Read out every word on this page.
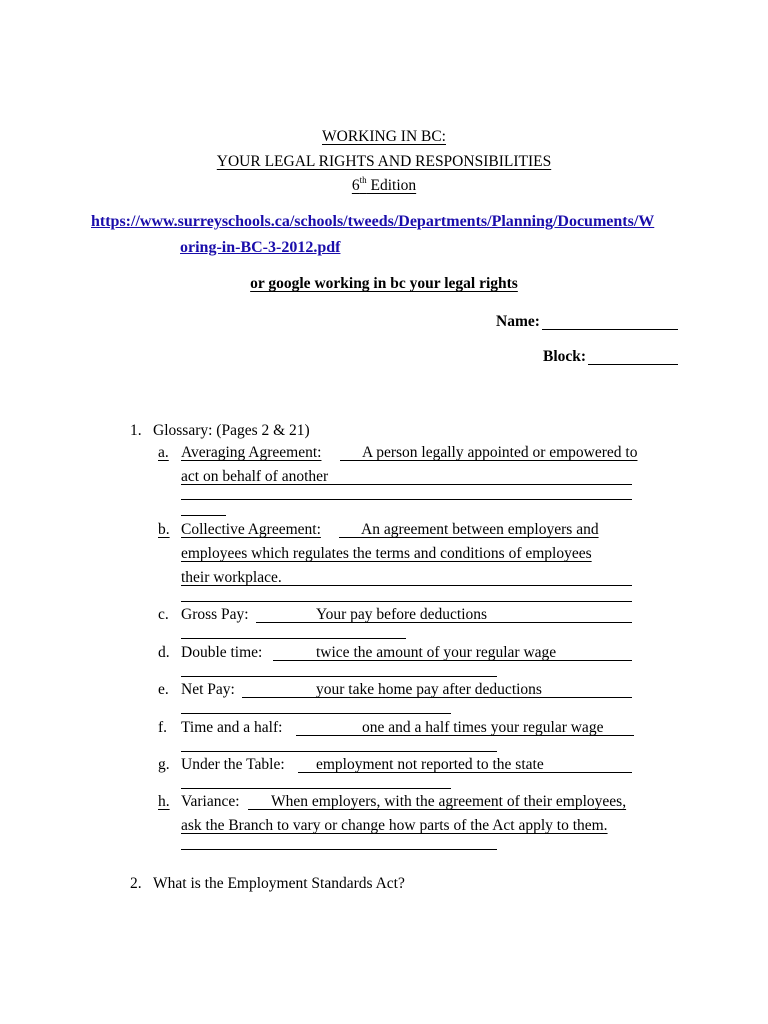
WORKING IN BC:
YOUR LEGAL RIGHTS AND RESPONSIBILITIES
6th Edition
https://www.surreyschools.ca/schools/tweeds/Departments/Planning/Documents/W
oring-in-BC-3-2012.pdf
or google working in bc your legal rights
Name:
Block:
1. Glossary: (Pages 2 & 21)
a. Averaging Agreement:	A person legally appointed or empowered to
act on behalf of another
b. Collective Agreement:	An agreement between employers and
employees which regulates the terms and conditions of employees
their workplace.
c. Gross Pay:	Your pay before deductions
d. Double time:	twice the amount of your regular wage
e. Net Pay:	your take home pay after deductions
f. Time and a half:	one and a half times your regular wage
g. Under the Table: employment not reported to the state
h. Variance: When employers, with the agreement of their employees,
ask the Branch to vary or change how parts of the Act apply to them.
2. What is the Employment Standards Act?
